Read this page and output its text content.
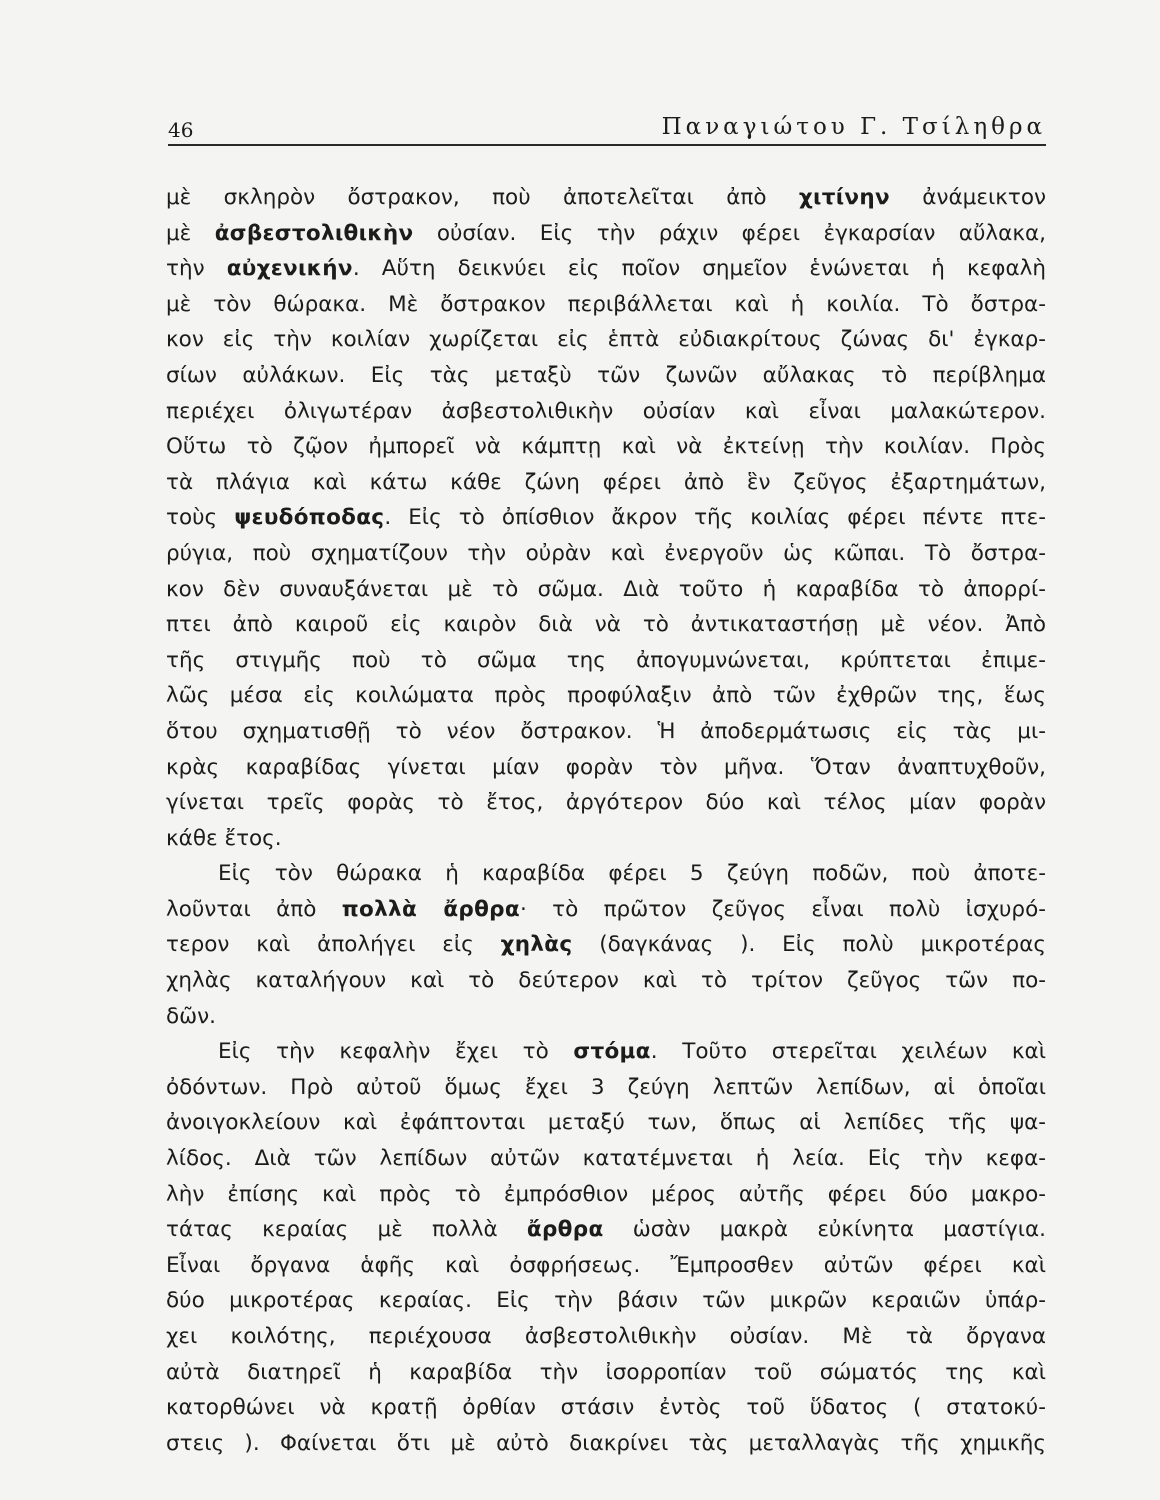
46	Παναγιώτου Γ. Τσίληθρα
μὲ σκληρὸν ὄστρακον, ποὺ ἀποτελεῖται ἀπὸ χιτίνην ἀνάμεικτον
μὲ ἀσβεστολιθικὴν οὐσίαν. Εἰς τὴν ράχιν φέρει ἐγκαρσίαν αὔλακα,
τὴν αὐχενικήν. Αὕτη δεικνύει εἰς ποῖον σημεῖον ἑνώνεται ἡ κεφαλὴ
μὲ τὸν θώρακα. Μὲ ὄστρακον περιβάλλεται καὶ ἡ κοιλία. Τὸ ὄστρα-
κον εἰς τὴν κοιλίαν χωρίζεται εἰς ἑπτὰ εὐδιακρίτους ζώνας δι' ἐγκαρ-
σίων αὐλάκων. Εἰς τὰς μεταξὺ τῶν ζωνῶν αὔλακας τὸ περίβλημα
περιέχει ὀλιγωτέραν ἀσβεστολιθικὴν οὐσίαν καὶ εἶναι μαλακώτερον.
Οὕτω τὸ ζῷον ἠμπορεῖ νὰ κάμπτῃ καὶ νὰ ἐκτείνῃ τὴν κοιλίαν. Πρὸς
τὰ πλάγια καὶ κάτω κάθε ζώνη φέρει ἀπὸ ἓν ζεῦγος ἐξαρτημάτων,
τοὺς ψευδόποδας. Εἰς τὸ ὀπίσθιον ἄκρον τῆς κοιλίας φέρει πέντε πτε-
ρύγια, ποὺ σχηματίζουν τὴν οὐρὰν καὶ ἐνεργοῦν ὡς κῶπαι. Τὸ ὄστρα-
κον δὲν συναυξάνεται μὲ τὸ σῶμα. Διὰ τοῦτο ἡ καραβίδα τὸ ἀπορρί-
πτει ἀπὸ καιροῦ εἰς καιρὸν διὰ νὰ τὸ ἀντικαταστήσῃ μὲ νέον. Ἀπὸ
τῆς στιγμῆς ποὺ τὸ σῶμα της ἀπογυμνώνεται, κρύπτεται ἐπιμε-
λῶς μέσα εἰς κοιλώματα πρὸς προφύλαξιν ἀπὸ τῶν ἐχθρῶν της, ἕως
ὅτου σχηματισθῇ τὸ νέον ὄστρακον. Ἡ ἀποδερμάτωσις εἰς τὰς μι-
κρὰς καραβίδας γίνεται μίαν φορὰν τὸν μῆνα. Ὅταν ἀναπτυχθοῦν,
γίνεται τρεῖς φορὰς τὸ ἔτος, ἀργότερον δύο καὶ τέλος μίαν φορὰν
κάθε ἔτος.
Εἰς τὸν θώρακα ἡ καραβίδα φέρει 5 ζεύγη ποδῶν, ποὺ ἀποτε-
λοῦνται ἀπὸ πολλὰ ἄρθρα· τὸ πρῶτον ζεῦγος εἶναι πολὺ ἰσχυρό-
τερον καὶ ἀπολήγει εἰς χηλὰς (δαγκάνας ). Εἰς πολὺ μικροτέρας
χηλὰς καταλήγουν καὶ τὸ δεύτερον καὶ τὸ τρίτον ζεῦγος τῶν πο-
δῶν.
Εἰς τὴν κεφαλὴν ἔχει τὸ στόμα. Τοῦτο στερεῖται χειλέων καὶ
ὀδόντων. Πρὸ αὐτοῦ ὅμως ἔχει 3 ζεύγη λεπτῶν λεπίδων, αἱ ὁποῖαι
ἀνοιγοκλείουν καὶ ἐφάπτονται μεταξύ των, ὅπως αἱ λεπίδες τῆς ψα-
λίδος. Διὰ τῶν λεπίδων αὐτῶν κατατέμνεται ἡ λεία. Εἰς τὴν κεφα-
λὴν ἐπίσης καὶ πρὸς τὸ ἐμπρόσθιον μέρος αὐτῆς φέρει δύο μακρο-
τάτας κεραίας μὲ πολλὰ ἄρθρα ὡσὰν μακρὰ εὐκίνητα μαστίγια.
Εἶναι ὄργανα ἁφῆς καὶ ὀσφρήσεως. Ἔμπροσθεν αὐτῶν φέρει καὶ
δύο μικροτέρας κεραίας. Εἰς τὴν βάσιν τῶν μικρῶν κεραιῶν ὑπάρ-
χει κοιλότης, περιέχουσα ἀσβεστολιθικὴν οὐσίαν. Μὲ τὰ ὄργανα
αὐτὰ διατηρεῖ ἡ καραβίδα τὴν ἰσορροπίαν τοῦ σώματός της καὶ
κατορθώνει νὰ κρατῇ ὀρθίαν στάσιν ἐντὸς τοῦ ὕδατος ( στατοκύ-
στεις ). Φαίνεται ὅτι μὲ αὐτὸ διακρίνει τὰς μεταλλαγὰς τῆς χημικῆς
